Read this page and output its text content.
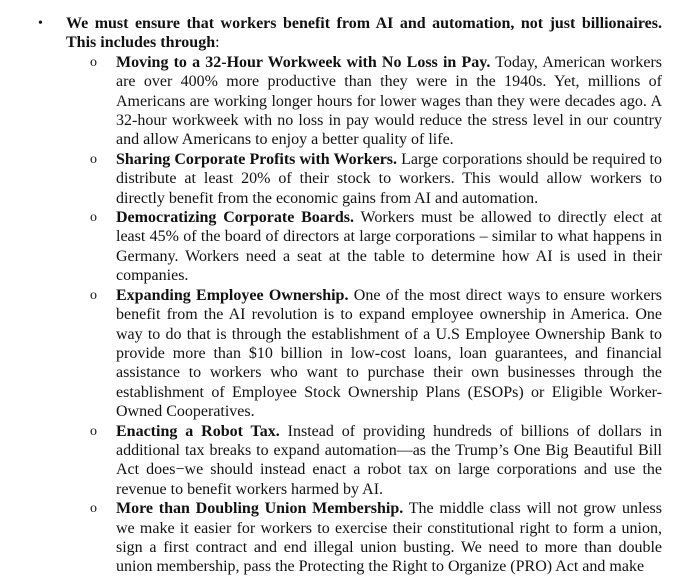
• We must ensure that workers benefit from AI and automation, not just billionaires. This includes through:
o Moving to a 32-Hour Workweek with No Loss in Pay. Today, American workers are over 400% more productive than they were in the 1940s. Yet, millions of Americans are working longer hours for lower wages than they were decades ago. A 32-hour workweek with no loss in pay would reduce the stress level in our country and allow Americans to enjoy a better quality of life.
o Sharing Corporate Profits with Workers. Large corporations should be required to distribute at least 20% of their stock to workers. This would allow workers to directly benefit from the economic gains from AI and automation.
o Democratizing Corporate Boards. Workers must be allowed to directly elect at least 45% of the board of directors at large corporations – similar to what happens in Germany. Workers need a seat at the table to determine how AI is used in their companies.
o Expanding Employee Ownership. One of the most direct ways to ensure workers benefit from the AI revolution is to expand employee ownership in America. One way to do that is through the establishment of a U.S Employee Ownership Bank to provide more than $10 billion in low-cost loans, loan guarantees, and financial assistance to workers who want to purchase their own businesses through the establishment of Employee Stock Ownership Plans (ESOPs) or Eligible Worker-Owned Cooperatives.
o Enacting a Robot Tax. Instead of providing hundreds of billions of dollars in additional tax breaks to expand automation—as the Trump’s One Big Beautiful Bill Act does−we should instead enact a robot tax on large corporations and use the revenue to benefit workers harmed by AI.
o More than Doubling Union Membership. The middle class will not grow unless we make it easier for workers to exercise their constitutional right to form a union, sign a first contract and end illegal union busting. We need to more than double union membership, pass the Protecting the Right to Organize (PRO) Act and make
